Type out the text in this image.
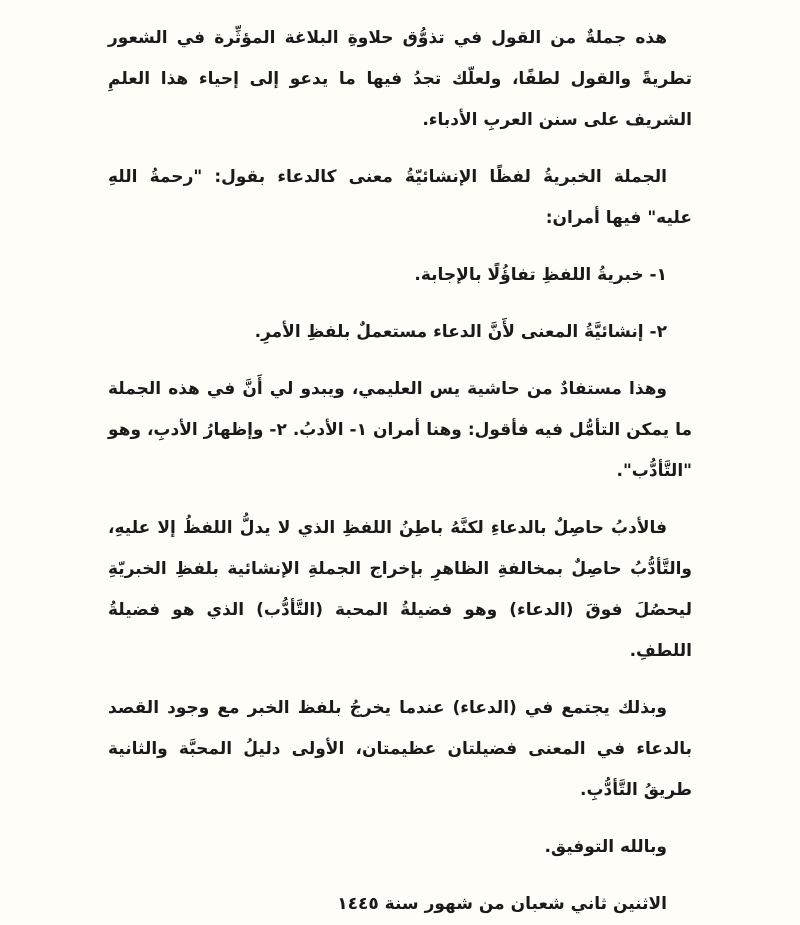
هذه جملةٌ من القول في تذوُّق حلاوةِ البلاغة المؤثِّرة في الشعور تطريةً والقول لطفًا، ولعلّك تجدُ فيها ما يدعو إلى إحياء هذا العلمِ الشريف على سنن العربِ الأدباء.

الجملة الخبريةُ لفظًا الإنشائيّةُ معنى كالدعاء بقول: "رحمةُ اللهِ عليه" فيها أمران:

١- خبريةُ اللفظِ تفاؤُلًا بالإجابة.

٢- إنشائيَّةُ المعنى لأَنَّ الدعاء مستعملٌ بلفظِ الأمرِ.

وهذا مستفادٌ من حاشية يس العليمي، ويبدو لي أَنَّ في هذه الجملة ما يمكن التأمُّل فيه فأقول: وهنا أمران ١- الأدبُ. ٢- وإظهارُ الأدبِ، وهو "التَّأدُّب".

فالأدبُ حاصِلٌ بالدعاءِ لكنَّهُ باطِنُ اللفظِ الذي لا يدلُّ اللفظُ إلا عليهِ، والتَّأدُّبُ حاصِلٌ بمخالفةِ الظاهرِ بإخراج الجملةِ الإنشائية بلفظِ الخبريّةِ ليحصُلَ فوقَ (الدعاء) وهو فضيلةُ المحبة (التَّأدُّب) الذي هو فضيلةُ اللطفِ.

وبذلك يجتمع في (الدعاء) عندما يخرجُ بلفظ الخبر مع وجود القصد بالدعاء في المعنى فضيلتان عظيمتان، الأولى دليلُ المحبَّة والثانية طريقُ التَّأدُّبِ.

وبالله التوفيق.

الاثنين ثاني شعبان من شهور سنة ١٤٤٥
